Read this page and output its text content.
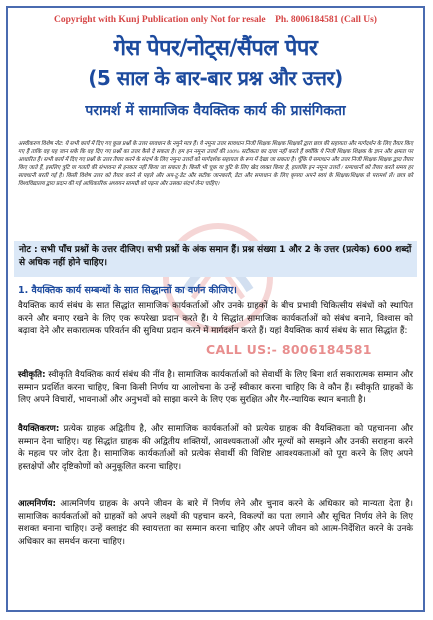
Copyright with Kunj Publication only Not for resale Ph. 8006184581 (Call Us)
गेस पेपर/नोट्स/सैंपल पेपर
(5 साल के बार-बार प्रश्न और उत्तर)
परामर्श में सामाजिक वैयक्तिक कार्य की प्रासंगिकता
अस्वीकरण विशेष नोट: ये सभी कार्य में दिए गए कुछ प्रश्नों के उत्तर सावधान के नमूने मात्र हैं। ये नमूना उत्तर सावधान निजी शिक्षक शिक्षक शिक्षकों द्वारा छात्र की सहायता और मार्गदर्शन के लिए तैयार किए गए हैं ताकि वह यह जान सके कि वह दिए गए प्रश्नों का उत्तर कैसे दे सकता है। हम इन नमूना उत्तरों की 100% सटीकता का दावा नहीं करते हैं क्योंकि ये निजी शिक्षक शिक्षक के ज्ञान और क्षमता पर आधारित हैं। सभी कार्य में दिए गए प्रश्नों के उत्तर तैयार करने के संदर्भ के लिए नमूना उत्तरों को मार्गदर्शक सहायता के रूप में देखा जा सकता है। चूँकि ये समाधान और उत्तर निजी शिक्षक शिक्षक द्वारा तैयार किए जाते हैं, इसलिए त्रुटि या गलती की संभावना से इनकार नहीं किया जा सकता है। किसी भी चूक या त्रुटि के लिए खेद व्यक्त किया है, हालांकि इन नमूना उत्तरों / समाधानों को तैयार करते समय हर सावधानी बरती गई है। किसी विशेष उत्तर को तैयार करने से पहले और अप-टू-डेट और सटीक जानकारी, डेटा और समाधान के लिए कृपया अपने स्वयं के शिक्षक/शिक्षक से परामर्श लें। छात्र को विश्वविद्यालय द्वारा प्रदान की गई आधिकारिक अध्ययन सामग्री को पढ़ना और उसका संदर्भ लेना चाहिए।
नोट : सभी पाँच प्रश्नों के उत्तर दीजिए। सभी प्रश्नों के अंक समान हैं। प्रश्न संख्या 1 और 2 के उत्तर (प्रत्येक) 600 शब्दों से अधिक नहीं होने चाहिए।
1. वैयक्तिक कार्य सम्बन्धों के सात सिद्धान्तों का वर्णन कीजिए।
वैयक्तिक कार्य संबंध के सात सिद्धांत सामाजिक कार्यकर्ताओं और उनके ग्राहकों के बीच प्रभावी चिकित्सीय संबंधों को स्थापित करने और बनाए रखने के लिए एक रूपरेखा प्रदान करते हैं। ये सिद्धांत सामाजिक कार्यकर्ताओं को संबंध बनाने, विश्वास को बढ़ावा देने और सकारात्मक परिवर्तन की सुविधा प्रदान करने में मार्गदर्शन करते हैं। यहां वैयक्तिक कार्य संबंध के सात सिद्धांत हैं:
CALL US:- 8006184581
स्वीकृति: स्वीकृति वैयक्तिक कार्य संबंध की नींव है। सामाजिक कार्यकर्ताओं को सेवार्थी के लिए बिना शर्त सकारात्मक सम्मान और सम्मान प्रदर्शित करना चाहिए, बिना किसी निर्णय या आलोचना के उन्हें स्वीकार करना चाहिए कि वे कौन हैं। स्वीकृति ग्राहकों के लिए अपने विचारों, भावनाओं और अनुभवों को साझा करने के लिए एक सुरक्षित और गैर-न्यायिक स्थान बनाती है।
वैयक्तिकरण: प्रत्येक ग्राहक अद्वितीय है, और सामाजिक कार्यकर्ताओं को प्रत्येक ग्राहक की वैयक्तिकता को पहचानना और सम्मान देना चाहिए। यह सिद्धांत ग्राहक की अद्वितीय शक्तियों, आवश्यकताओं और मूल्यों को समझने और उनकी सराहना करने के महत्व पर जोर देता है। सामाजिक कार्यकर्ताओं को प्रत्येक सेवार्थी की विशिष्ट आवश्यकताओं को पूरा करने के लिए अपने हस्तक्षेपों और दृष्टिकोणों को अनुकूलित करना चाहिए।
आत्मनिर्णय: आत्मनिर्णय ग्राहक के अपने जीवन के बारे में निर्णय लेने और चुनाव करने के अधिकार को मान्यता देता है। सामाजिक कार्यकर्ताओं को ग्राहकों को अपने लक्ष्यों की पहचान करने, विकल्पों का पता लगाने और सूचित निर्णय लेने के लिए सशक्त बनाना चाहिए। उन्हें क्लाइंट की स्वायत्तता का सम्मान करना चाहिए और अपने जीवन को आत्म-निर्देशित करने के उनके अधिकार का समर्थन करना चाहिए।
